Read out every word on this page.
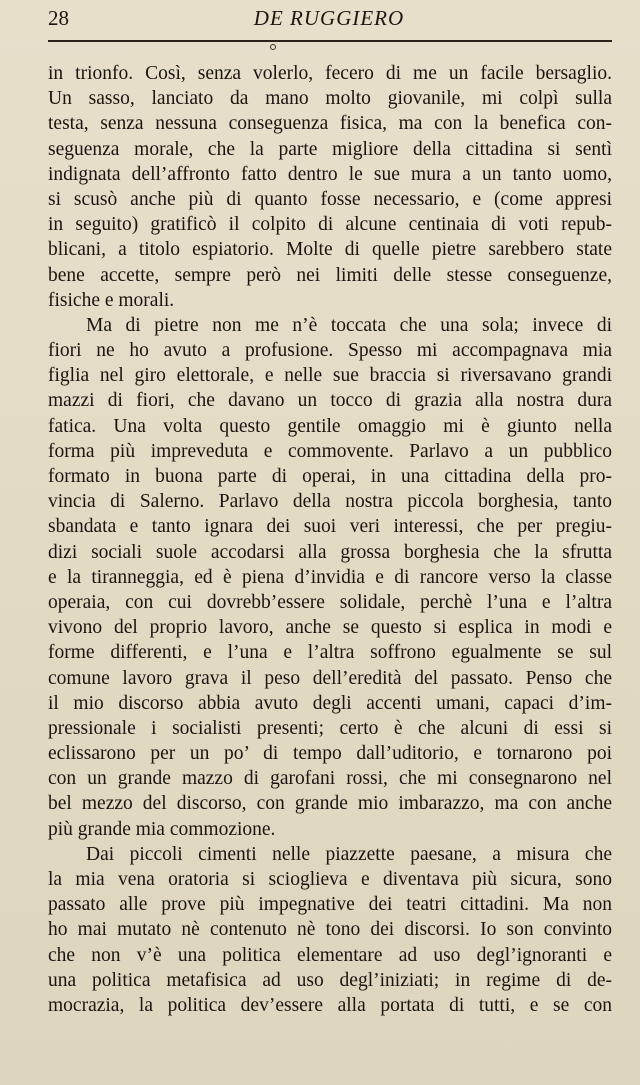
28	DE RUGGIERO
in trionfo. Così, senza volerlo, fecero di me un facile bersaglio.
Un sasso, lanciato da mano molto giovanile, mi colpì sulla
testa, senza nessuna conseguenza fisica, ma con la benefica con-
seguenza morale, che la parte migliore della cittadina si sentì
indignata dell’affronto fatto dentro le sue mura a un tanto uomo,
si scusò anche più di quanto fosse necessario, e (come appresi
in seguito) gratificò il colpito di alcune centinaia di voti repub-
blicani, a titolo espiatorio. Molte di quelle pietre sarebbero state
bene accette, sempre però nei limiti delle stesse conseguenze,
fisiche e morali.
Ma di pietre non me n’è toccata che una sola; invece di
fiori ne ho avuto a profusione. Spesso mi accompagnava mia
figlia nel giro elettorale, e nelle sue braccia si riversavano grandi
mazzi di fiori, che davano un tocco di grazia alla nostra dura
fatica. Una volta questo gentile omaggio mi è giunto nella
forma più impreveduta e commovente. Parlavo a un pubblico
formato in buona parte di operai, in una cittadina della pro-
vincia di Salerno. Parlavo della nostra piccola borghesia, tanto
sbandata e tanto ignara dei suoi veri interessi, che per pregiu-
dizi sociali suole accodarsi alla grossa borghesia che la sfrutta
e la tiranneggia, ed è piena d’invidia e di rancore verso la classe
operaia, con cui dovrebb’essere solidale, perchè l’una e l’altra
vivono del proprio lavoro, anche se questo si esplica in modi e
forme differenti, e l’una e l’altra soffrono egualmente se sul
comune lavoro grava il peso dell’eredità del passato. Penso che
il mio discorso abbia avuto degli accenti umani, capaci d’im-
pressionale i socialisti presenti; certo è che alcuni di essi si
eclissarono per un po’ di tempo dall’uditorio, e tornarono poi
con un grande mazzo di garofani rossi, che mi consegnarono nel
bel mezzo del discorso, con grande mio imbarazzo, ma con anche
più grande mia commozione.
Dai piccoli cimenti nelle piazzette paesane, a misura che
la mia vena oratoria si scioglieva e diventava più sicura, sono
passato alle prove più impegnative dei teatri cittadini. Ma non
ho mai mutato nè contenuto nè tono dei discorsi. Io son convinto
che non v’è una politica elementare ad uso degl’ignoranti e
una politica metafisica ad uso degl’iniziati; in regime di de-
mocrazia, la politica dev’essere alla portata di tutti, e se con
